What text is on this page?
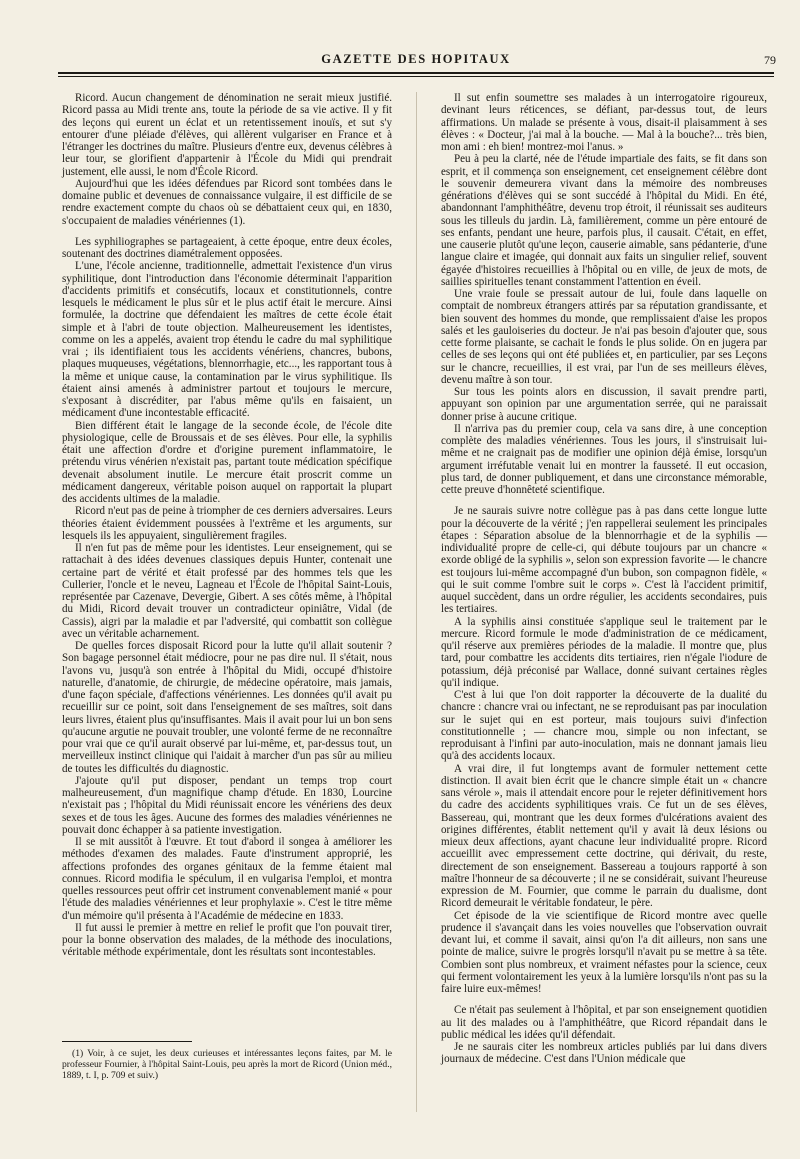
GAZETTE DES HOPITAUX	79

Ricord. Aucun changement de dénomination ne serait mieux justifié. Ricord passa au Midi trente ans, toute la période de sa vie active. Il y fit des leçons qui eurent un éclat et un retentissement inouïs, et sut s'y entourer d'une pléiade d'élèves, qui allèrent vulgariser en France et à l'étranger les doctrines du maître. Plusieurs d'entre eux, devenus célèbres à leur tour, se glorifient d'appartenir à l'École du Midi qui prendrait justement, elle aussi, le nom d'École Ricord.

Aujourd'hui que les idées défendues par Ricord sont tombées dans le domaine public et devenues de connaissance vulgaire, il est difficile de se rendre exactement compte du chaos où se débattaient ceux qui, en 1830, s'occupaient de maladies vénériennes (1).

Les syphiliographes se partageaient, à cette époque, entre deux écoles, soutenant des doctrines diamétralement opposées.

L'une, l'école ancienne, traditionnelle, admettait l'existence d'un virus syphilitique, dont l'introduction dans l'économie déterminait l'apparition d'accidents primitifs et consécutifs, locaux et constitutionnels, contre lesquels le médicament le plus sûr et le plus actif était le mercure. Ainsi formulée, la doctrine que défendaient les maîtres de cette école était simple et à l'abri de toute objection. Malheureusement les identistes, comme on les a appelés, avaient trop étendu le cadre du mal syphilitique vrai ; ils identifiaient tous les accidents vénériens, chancres, bubons, plaques muqueuses, végétations, blennorrhagie, etc..., les rapportant tous à la même et unique cause, la contamination par le virus syphilitique. Ils étaient ainsi amenés à administrer partout et toujours le mercure, s'exposant à discréditer, par l'abus même qu'ils en faisaient, un médicament d'une incontestable efficacité.

Bien différent était le langage de la seconde école, de l'école dite physiologique, celle de Broussais et de ses élèves. Pour elle, la syphilis était une affection d'ordre et d'origine purement inflammatoire, le prétendu virus vénérien n'existait pas, partant toute médication spécifique devenait absolument inutile. Le mercure était proscrit comme un médicament dangereux, véritable poison auquel on rapportait la plupart des accidents ultimes de la maladie.

Ricord n'eut pas de peine à triompher de ces derniers adversaires. Leurs théories étaient évidemment poussées à l'extrême et les arguments, sur lesquels ils les appuyaient, singulièrement fragiles.

Il n'en fut pas de même pour les identistes. Leur enseignement, qui se rattachait à des idées devenues classiques depuis Hunter, contenait une certaine part de vérité et était professé par des hommes tels que les Cullerier, l'oncle et le neveu, Lagneau et l'École de l'hôpital Saint-Louis, représentée par Cazenave, Devergie, Gibert. A ses côtés même, à l'hôpital du Midi, Ricord devait trouver un contradicteur opiniâtre, Vidal (de Cassis), aigri par la maladie et par l'adversité, qui combattit son collègue avec un véritable acharnement.

De quelles forces disposait Ricord pour la lutte qu'il allait soutenir ? Son bagage personnel était médiocre, pour ne pas dire nul. Il s'était, nous l'avons vu, jusqu'à son entrée à l'hôpital du Midi, occupé d'histoire naturelle, d'anatomie, de chirurgie, de médecine opératoire, mais jamais, d'une façon spéciale, d'affections vénériennes. Les données qu'il avait pu recueillir sur ce point, soit dans l'enseignement de ses maîtres, soit dans leurs livres, étaient plus qu'insuffisantes. Mais il avait pour lui un bon sens qu'aucune argutie ne pouvait troubler, une volonté ferme de ne reconnaître pour vrai que ce qu'il aurait observé par lui-même, et, par-dessus tout, un merveilleux instinct clinique qui l'aidait à marcher d'un pas sûr au milieu de toutes les difficultés du diagnostic.

J'ajoute qu'il put disposer, pendant un temps trop court malheureusement, d'un magnifique champ d'étude. En 1830, Lourcine n'existait pas ; l'hôpital du Midi réunissait encore les vénériens des deux sexes et de tous les âges. Aucune des formes des maladies vénériennes ne pouvait donc échapper à sa patiente investigation.

Il se mit aussitôt à l'œuvre. Et tout d'abord il songea à améliorer les méthodes d'examen des malades. Faute d'instrument approprié, les affections profondes des organes génitaux de la femme étaient mal connues. Ricord modifia le spéculum, il en vulgarisa l'emploi, et montra quelles ressources peut offrir cet instrument convenablement manié « pour l'étude des maladies vénériennes et leur prophylaxie ». C'est le titre même d'un mémoire qu'il présenta à l'Académie de médecine en 1833.

Il fut aussi le premier à mettre en relief le profit que l'on pouvait tirer, pour la bonne observation des malades, de la méthode des inoculations, véritable méthode expérimentale, dont les résultats sont incontestables.

(1) Voir, à ce sujet, les deux curieuses et intéressantes leçons faites, par M. le professeur Fournier, à l'hôpital Saint-Louis, peu après la mort de Ricord (Union méd., 1889, t. I, p. 709 et suiv.)

Il sut enfin soumettre ses malades à un interrogatoire rigoureux, devinant leurs réticences, se défiant, par-dessus tout, de leurs affirmations. Un malade se présente à vous, disait-il plaisamment à ses élèves : « Docteur, j'ai mal à la bouche. — Mal à la bouche?... très bien, mon ami : eh bien! montrez-moi l'anus. »

Peu à peu la clarté, née de l'étude impartiale des faits, se fit dans son esprit, et il commença son enseignement, cet enseignement célèbre dont le souvenir demeurera vivant dans la mémoire des nombreuses générations d'élèves qui se sont succédé à l'hôpital du Midi. En été, abandonnant l'amphithéâtre, devenu trop étroit, il réunissait ses auditeurs sous les tilleuls du jardin. Là, familièrement, comme un père entouré de ses enfants, pendant une heure, parfois plus, il causait. C'était, en effet, une causerie plutôt qu'une leçon, causerie aimable, sans pédanterie, d'une langue claire et imagée, qui donnait aux faits un singulier relief, souvent égayée d'histoires recueillies à l'hôpital ou en ville, de jeux de mots, de saillies spirituelles tenant constamment l'attention en éveil.

Une vraie foule se pressait autour de lui, foule dans laquelle on comptait de nombreux étrangers attirés par sa réputation grandissante, et bien souvent des hommes du monde, que remplissaient d'aise les propos salés et les gauloiseries du docteur. Je n'ai pas besoin d'ajouter que, sous cette forme plaisante, se cachait le fonds le plus solide. On en jugera par celles de ses leçons qui ont été publiées et, en particulier, par ses Leçons sur le chancre, recueillies, il est vrai, par l'un de ses meilleurs élèves, devenu maître à son tour.

Sur tous les points alors en discussion, il savait prendre parti, appuyant son opinion par une argumentation serrée, qui ne paraissait donner prise à aucune critique.

Il n'arriva pas du premier coup, cela va sans dire, à une conception complète des maladies vénériennes. Tous les jours, il s'instruisait lui-même et ne craignait pas de modifier une opinion déjà émise, lorsqu'un argument irréfutable venait lui en montrer la fausseté. Il eut occasion, plus tard, de donner publiquement, et dans une circonstance mémorable, cette preuve d'honnêteté scientifique.

Je ne saurais suivre notre collègue pas à pas dans cette longue lutte pour la découverte de la vérité ; j'en rappellerai seulement les principales étapes : Séparation absolue de la blennorrhagie et de la syphilis — individualité propre de celle-ci, qui débute toujours par un chancre « exorde obligé de la syphilis », selon son expression favorite — le chancre est toujours lui-même accompagné d'un bubon, son compagnon fidèle, « qui le suit comme l'ombre suit le corps ». C'est là l'accident primitif, auquel succèdent, dans un ordre régulier, les accidents secondaires, puis les tertiaires.

A la syphilis ainsi constituée s'applique seul le traitement par le mercure. Ricord formule le mode d'administration de ce médicament, qu'il réserve aux premières périodes de la maladie. Il montre que, plus tard, pour combattre les accidents dits tertiaires, rien n'égale l'iodure de potassium, déjà préconisé par Wallace, donné suivant certaines règles qu'il indique.

C'est à lui que l'on doit rapporter la découverte de la dualité du chancre : chancre vrai ou infectant, ne se reproduisant pas par inoculation sur le sujet qui en est porteur, mais toujours suivi d'infection constitutionnelle ; — chancre mou, simple ou non infectant, se reproduisant à l'infini par auto-inoculation, mais ne donnant jamais lieu qu'à des accidents locaux.

A vrai dire, il fut longtemps avant de formuler nettement cette distinction. Il avait bien écrit que le chancre simple était un « chancre sans vérole », mais il attendait encore pour le rejeter définitivement hors du cadre des accidents syphilitiques vrais. Ce fut un de ses élèves, Bassereau, qui, montrant que les deux formes d'ulcérations avaient des origines différentes, établit nettement qu'il y avait là deux lésions ou mieux deux affections, ayant chacune leur individualité propre. Ricord accueillit avec empressement cette doctrine, qui dérivait, du reste, directement de son enseignement. Bassereau a toujours rapporté à son maître l'honneur de sa découverte ; il ne se considérait, suivant l'heureuse expression de M. Fournier, que comme le parrain du dualisme, dont Ricord demeurait le véritable fondateur, le père.

Cet épisode de la vie scientifique de Ricord montre avec quelle prudence il s'avançait dans les voies nouvelles que l'observation ouvrait devant lui, et comme il savait, ainsi qu'on l'a dit ailleurs, non sans une pointe de malice, suivre le progrès lorsqu'il n'avait pu se mettre à sa tête. Combien sont plus nombreux, et vraiment néfastes pour la science, ceux qui ferment volontairement les yeux à la lumière lorsqu'ils n'ont pas su la faire luire eux-mêmes!

Ce n'était pas seulement à l'hôpital, et par son enseignement quotidien au lit des malades ou à l'amphithéâtre, que Ricord répandait dans le public médical les idées qu'il défendait.

Je ne saurais citer les nombreux articles publiés par lui dans divers journaux de médecine. C'est dans l'Union médicale que
